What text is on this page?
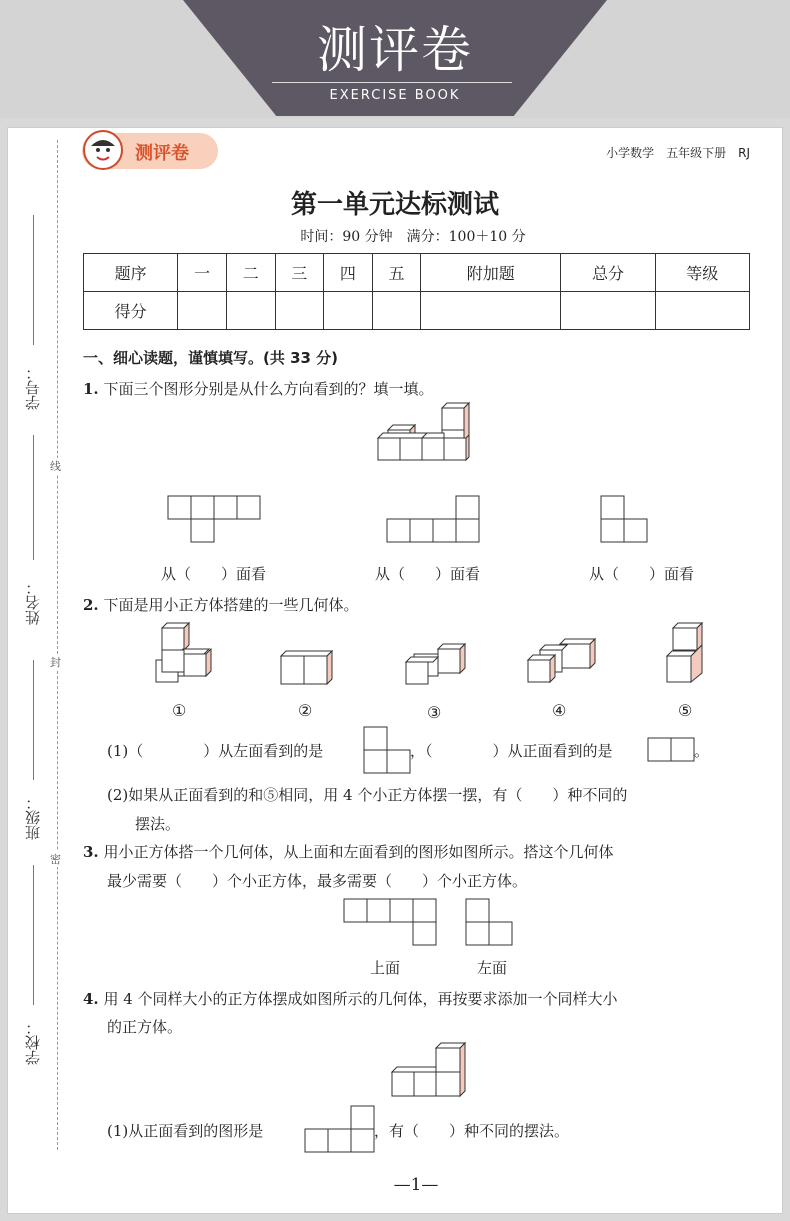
测评卷
EXERCISE BOOK
学号：
姓名：
班级：
学校：
线
封
密
测评卷	小学数学　五年级下册　RJ
第一单元达标测试
时间：90 分钟　满分：100＋10 分
题序	一	二	三	四	五	附加题	总分	等级
得分								
一、细心读题，谨慎填写。(共 33 分)
1. 下面三个图形分别是从什么方向看到的？填一填。
从（　　）面看	从（　　）面看	从（　　）面看
2. 下面是用小正方体搭建的一些几何体。
①	②	③	④	⑤
(1)（　　　　）从左面看到的是	，（　　　　）从正面看到的是	。
(2)如果从正面看到的和⑤相同，用 4 个小正方体摆一摆，有（　　）种不同的
摆法。
3. 用小正方体搭一个几何体，从上面和左面看到的图形如图所示。搭这个几何体
最少需要（　　）个小正方体，最多需要（　　）个小正方体。
上面	左面
4. 用 4 个同样大小的正方体摆成如图所示的几何体，再按要求添加一个同样大小
的正方体。
(1)从正面看到的图形是	，有（　　）种不同的摆法。
—1—
